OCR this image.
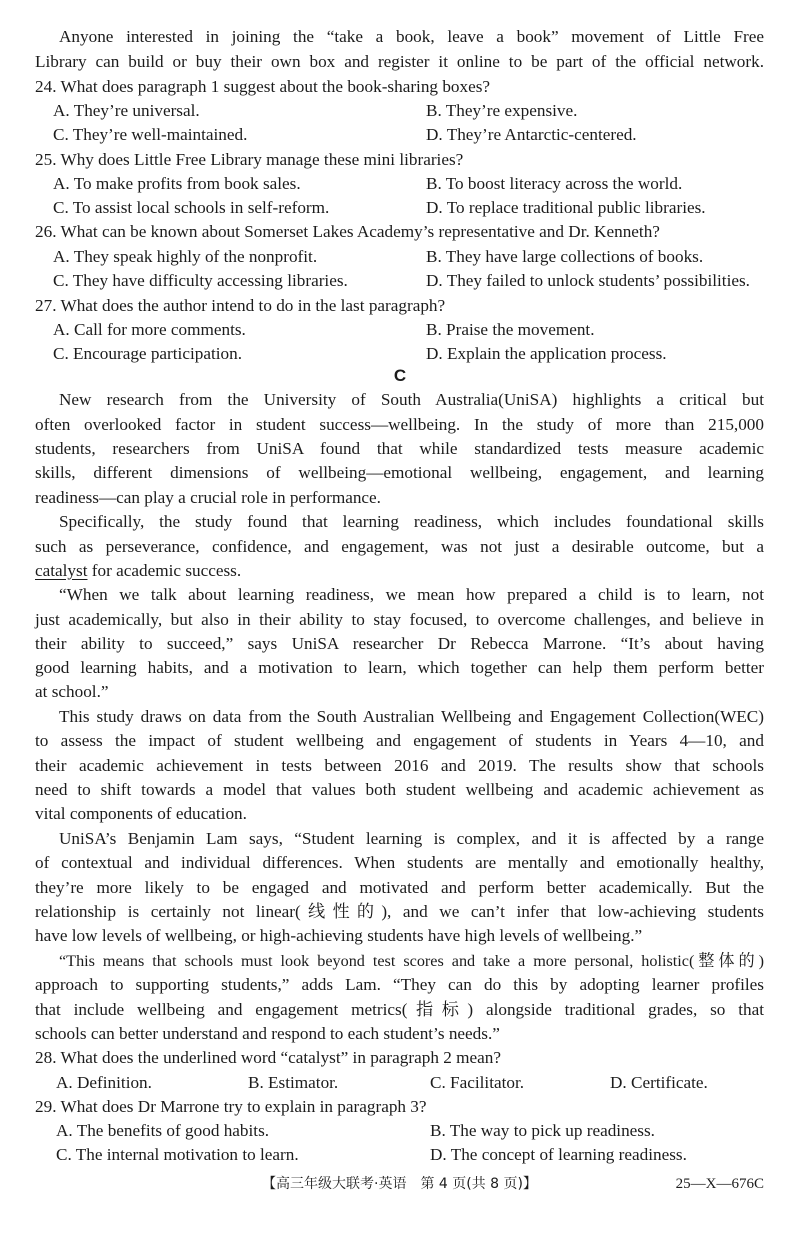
Anyone interested in joining the “take a book, leave a book” movement of Little Free
Library can build or buy their own box and register it online to be part of the official network.
24. What does paragraph 1 suggest about the book-sharing boxes?
A. They’re universal.	B. They’re expensive.
C. They’re well-maintained.	D. They’re Antarctic-centered.
25. Why does Little Free Library manage these mini libraries?
A. To make profits from book sales.	B. To boost literacy across the world.
C. To assist local schools in self-reform.	D. To replace traditional public libraries.
26. What can be known about Somerset Lakes Academy’s representative and Dr. Kenneth?
A. They speak highly of the nonprofit.	B. They have large collections of books.
C. They have difficulty accessing libraries.	D. They failed to unlock students’ possibilities.
27. What does the author intend to do in the last paragraph?
A. Call for more comments.	B. Praise the movement.
C. Encourage participation.	D. Explain the application process.
C
New research from the University of South Australia(UniSA) highlights a critical but
often overlooked factor in student success—wellbeing. In the study of more than 215,000
students, researchers from UniSA found that while standardized tests measure academic
skills, different dimensions of wellbeing—emotional wellbeing, engagement, and learning
readiness—can play a crucial role in performance.
Specifically, the study found that learning readiness, which includes foundational skills
such as perseverance, confidence, and engagement, was not just a desirable outcome, but a
catalyst for academic success.
“When we talk about learning readiness, we mean how prepared a child is to learn, not
just academically, but also in their ability to stay focused, to overcome challenges, and believe in
their ability to succeed,” says UniSA researcher Dr Rebecca Marrone. “It’s about having
good learning habits, and a motivation to learn, which together can help them perform better
at school.”
This study draws on data from the South Australian Wellbeing and Engagement Collection(WEC)
to assess the impact of student wellbeing and engagement of students in Years 4—10, and
their academic achievement in tests between 2016 and 2019. The results show that schools
need to shift towards a model that values both student wellbeing and academic achievement as
vital components of education.
UniSA’s Benjamin Lam says, “Student learning is complex, and it is affected by a range
of contextual and individual differences. When students are mentally and emotionally healthy,
they’re more likely to be engaged and motivated and perform better academically. But the
relationship is certainly not linear(线性的), and we can’t infer that low-achieving students
have low levels of wellbeing, or high-achieving students have high levels of wellbeing.”
“This means that schools must look beyond test scores and take a more personal, holistic(整体的)
approach to supporting students,” adds Lam. “They can do this by adopting learner profiles
that include wellbeing and engagement metrics(指标) alongside traditional grades, so that
schools can better understand and respond to each student’s needs.”
28. What does the underlined word “catalyst” in paragraph 2 mean?
A. Definition.	B. Estimator.	C. Facilitator.	D. Certificate.
29. What does Dr Marrone try to explain in paragraph 3?
A. The benefits of good habits.	B. The way to pick up readiness.
C. The internal motivation to learn.	D. The concept of learning readiness.
【高三年级大联考·英语　第 4 页(共 8 页)】	25—X—676C
